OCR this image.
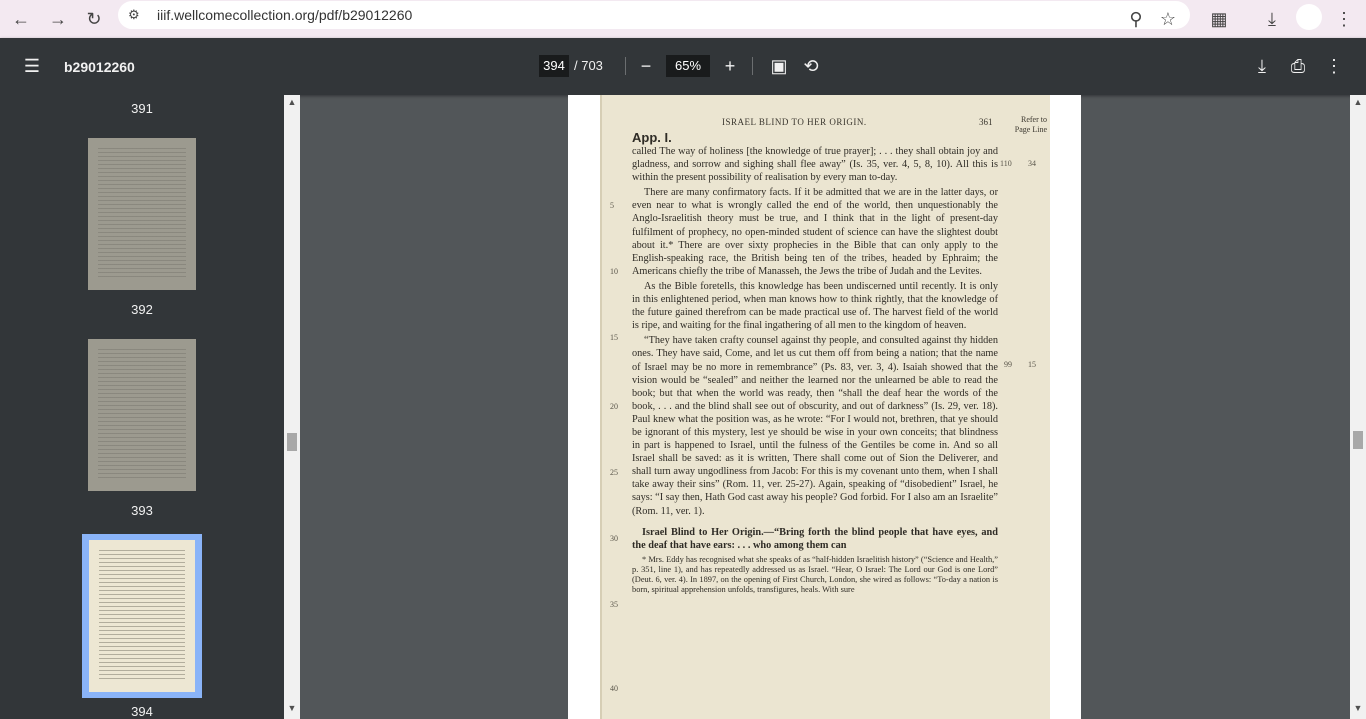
←	→	↻	⚙ iiif.wellcomecollection.org/pdf/b29012260	⚲ ☆	▦	⤓	⋮
☰ b29012260	394 / 703	−	65%	+	▣ ⟲	⤓	⎙ ⋮
391
392
393
394
▲
▼
ISRAEL BLIND TO HER ORIGIN.	361	Refer to
Page Line
App. I.
5
10
15
20
25
30
35
40
110 34
99 15

called The way of holiness [the knowledge of true prayer]; . . . they shall obtain joy and gladness, and sorrow and sighing shall flee away” (Is. 35, ver. 4, 5, 8, 10). All this is within the present possibility of realisation by every man to-day.

There are many confirmatory facts. If it be admitted that we are in the latter days, or even near to what is wrongly called the end of the world, then unquestionably the Anglo-Israelitish theory must be true, and I think that in the light of present-day fulfilment of prophecy, no open-minded student of science can have the slightest doubt about it.* There are over sixty prophecies in the Bible that can only apply to the English-speaking race, the British being ten of the tribes, headed by Ephraim; the Americans chiefly the tribe of Manasseh, the Jews the tribe of Judah and the Levites.

As the Bible foretells, this knowledge has been undiscerned until recently. It is only in this enlightened period, when man knows how to think rightly, that the knowledge of the future gained therefrom can be made practical use of. The harvest field of the world is ripe, and waiting for the final ingathering of all men to the kingdom of heaven.

“They have taken crafty counsel against thy people, and consulted against thy hidden ones. They have said, Come, and let us cut them off from being a nation; that the name of Israel may be no more in remembrance” (Ps. 83, ver. 3, 4). Isaiah showed that the vision would be “sealed” and neither the learned nor the unlearned be able to read the book; but that when the world was ready, then “shall the deaf hear the words of the book, . . . and the blind shall see out of obscurity, and out of darkness” (Is. 29, ver. 18). Paul knew what the position was, as he wrote: “For I would not, brethren, that ye should be ignorant of this mystery, lest ye should be wise in your own conceits; that blindness in part is happened to Israel, until the fulness of the Gentiles be come in. And so all Israel shall be saved: as it is written, There shall come out of Sion the Deliverer, and shall turn away ungodliness from Jacob: For this is my covenant unto them, when I shall take away their sins” (Rom. 11, ver. 25-27). Again, speaking of “disobedient” Israel, he says: “I say then, Hath God cast away his people? God forbid. For I also am an Israelite” (Rom. 11, ver. 1).

Israel Blind to Her Origin.—“Bring forth the blind people that have eyes, and the deaf that have ears: . . . who among them can

* Mrs. Eddy has recognised what she speaks of as “half-hidden Israelitish history” (“Science and Health,” p. 351, line 1), and has repeatedly addressed us as Israel. “Hear, O Israel: The Lord our God is one Lord” (Deut. 6, ver. 4). In 1897, on the opening of First Church, London, she wired as follows: “To-day a nation is born, spiritual apprehension unfolds, transfigures, heals. With sure

▲
▼
